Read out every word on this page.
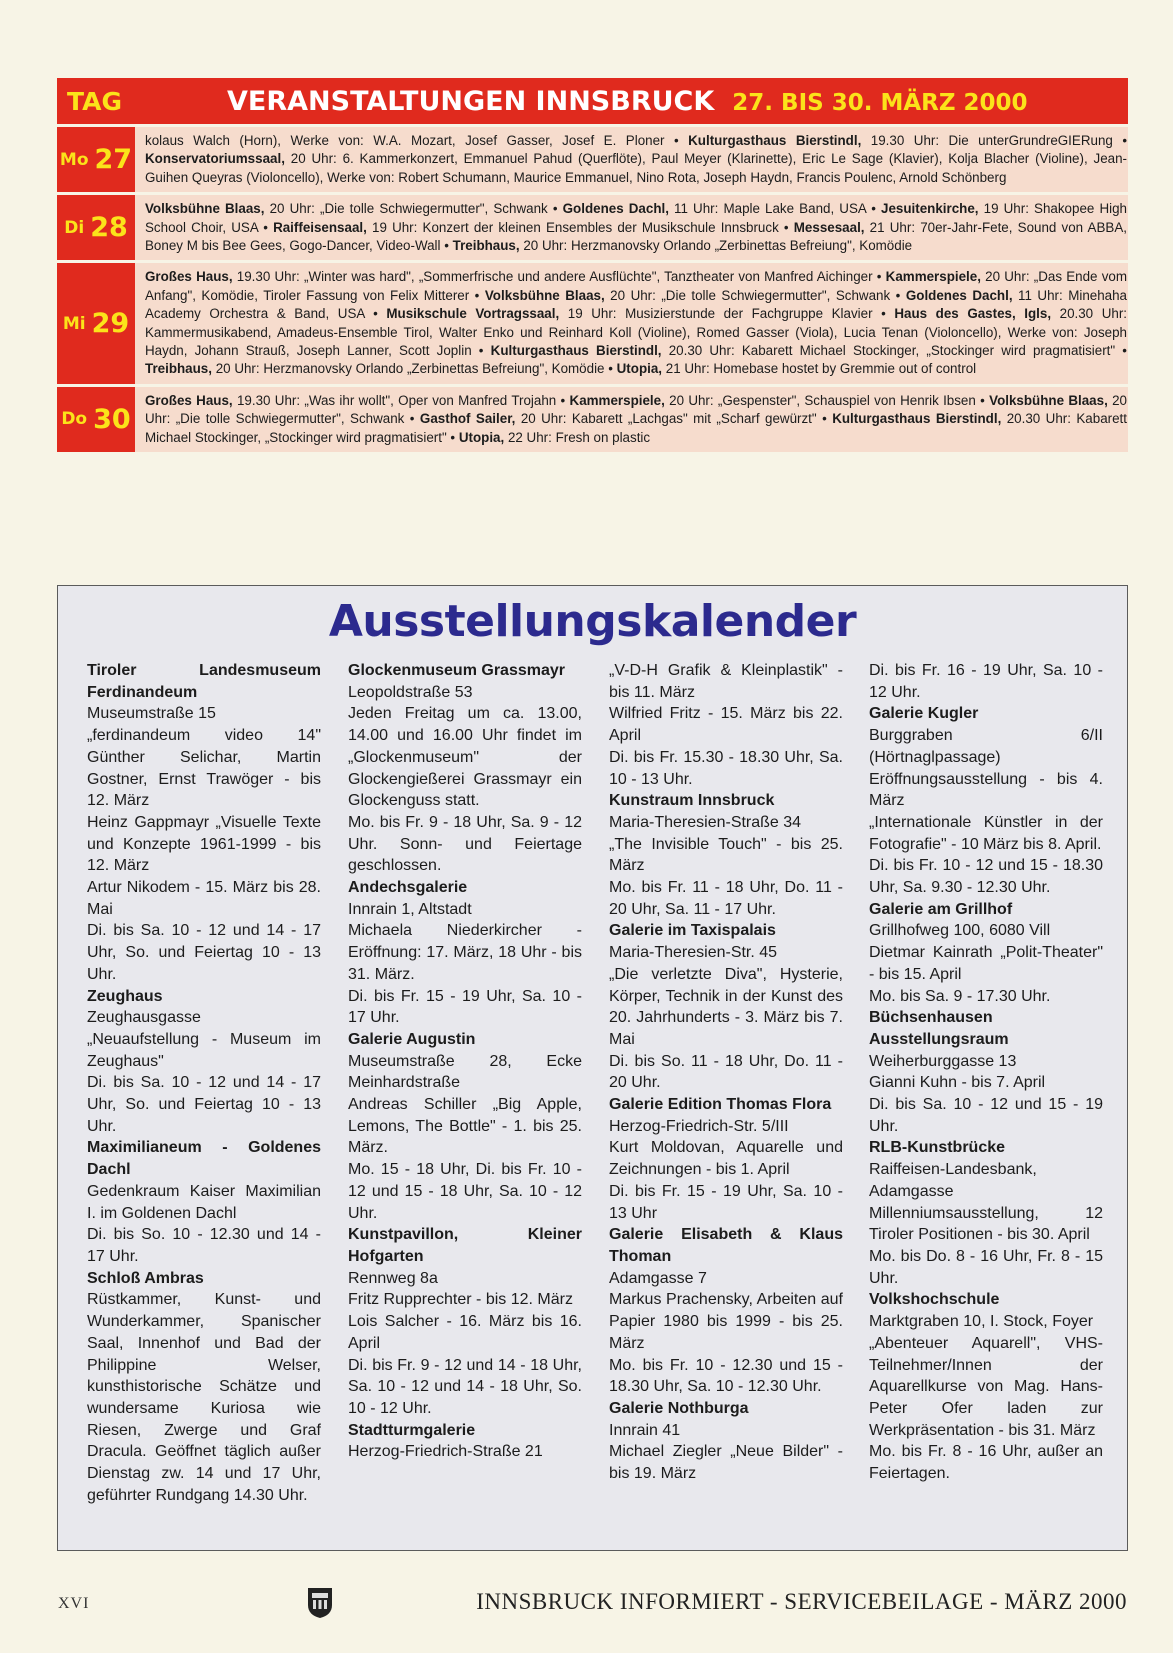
TAG	VERANSTALTUNGEN INNSBRUCK 27. BIS 30. MÄRZ 2000
Mo 27
kolaus Walch (Horn), Werke von: W.A. Mozart, Josef Gasser, Josef E. Ploner • Kulturgasthaus Bierstindl, 19.30 Uhr: Die unterGrundreGIERung • Konservatoriumssaal, 20 Uhr: 6. Kammerkonzert, Emmanuel Pahud (Querflöte), Paul Meyer (Klarinette), Eric Le Sage (Klavier), Kolja Blacher (Violine), Jean-Guihen Queyras (Violoncello), Werke von: Robert Schumann, Maurice Emmanuel, Nino Rota, Joseph Haydn, Francis Poulenc, Arnold Schönberg
Di 28
Volksbühne Blaas, 20 Uhr: „Die tolle Schwiegermutter", Schwank • Goldenes Dachl, 11 Uhr: Maple Lake Band, USA • Jesuitenkirche, 19 Uhr: Shakopee High School Choir, USA • Raiffeisensaal, 19 Uhr: Konzert der kleinen Ensembles der Musikschule Innsbruck • Messesaal, 21 Uhr: 70er-Jahr-Fete, Sound von ABBA, Boney M bis Bee Gees, Gogo-Dancer, Video-Wall • Treibhaus, 20 Uhr: Herzmanovsky Orlando „Zerbinettas Befreiung", Komödie
Mi 29
Großes Haus, 19.30 Uhr: „Winter was hard", „Sommerfrische und andere Ausflüchte", Tanztheater von Manfred Aichinger • Kammerspiele, 20 Uhr: „Das Ende vom Anfang", Komödie, Tiroler Fassung von Felix Mitterer • Volksbühne Blaas, 20 Uhr: „Die tolle Schwiegermutter", Schwank • Goldenes Dachl, 11 Uhr: Minehaha Academy Orchestra & Band, USA • Musikschule Vortragssaal, 19 Uhr: Musizierstunde der Fachgruppe Klavier • Haus des Gastes, Igls, 20.30 Uhr: Kammermusikabend, Amadeus-Ensemble Tirol, Walter Enko und Reinhard Koll (Violine), Romed Gasser (Viola), Lucia Tenan (Violoncello), Werke von: Joseph Haydn, Johann Strauß, Joseph Lanner, Scott Joplin • Kulturgasthaus Bierstindl, 20.30 Uhr: Kabarett Michael Stockinger, „Stockinger wird pragmatisiert" • Treibhaus, 20 Uhr: Herzmanovsky Orlando „Zerbinettas Befreiung", Komödie • Utopia, 21 Uhr: Homebase hostet by Gremmie out of control
Do 30
Großes Haus, 19.30 Uhr: „Was ihr wollt", Oper von Manfred Trojahn • Kammerspiele, 20 Uhr: „Gespenster", Schauspiel von Henrik Ibsen • Volksbühne Blaas, 20 Uhr: „Die tolle Schwiegermutter", Schwank • Gasthof Sailer, 20 Uhr: Kabarett „Lachgas" mit „Scharf gewürzt" • Kulturgasthaus Bierstindl, 20.30 Uhr: Kabarett Michael Stockinger, „Stockinger wird pragmatisiert" • Utopia, 22 Uhr: Fresh on plastic
Ausstellungskalender

Tiroler Landesmuseum Ferdinandeum

Museumstraße 15

„ferdinandeum video 14" Günther Selichar, Martin Gostner, Ernst Trawöger - bis 12. März

Heinz Gappmayr „Visuelle Texte und Konzepte 1961-1999 - bis 12. März

Artur Nikodem - 15. März bis 28. Mai

Di. bis Sa. 10 - 12 und 14 - 17 Uhr, So. und Feiertag 10 - 13 Uhr.

Zeughaus

Zeughausgasse

„Neuaufstellung - Museum im Zeughaus"

Di. bis Sa. 10 - 12 und 14 - 17 Uhr, So. und Feiertag 10 - 13 Uhr.

Maximilianeum - Goldenes Dachl

Gedenkraum Kaiser Maximilian I. im Goldenen Dachl

Di. bis So. 10 - 12.30 und 14 - 17 Uhr.

Schloß Ambras

Rüstkammer, Kunst- und Wunderkammer, Spanischer Saal, Innenhof und Bad der Philippine Welser, kunsthistorische Schätze und wundersame Kuriosa wie Riesen, Zwerge und Graf Dracula. Geöffnet täglich außer Dienstag zw. 14 und 17 Uhr, geführter Rundgang 14.30 Uhr.

Glockenmuseum Grassmayr

Leopoldstraße 53

Jeden Freitag um ca. 13.00, 14.00 und 16.00 Uhr findet im „Glockenmuseum" der Glockengießerei Grassmayr ein Glockenguss statt.

Mo. bis Fr. 9 - 18 Uhr, Sa. 9 - 12 Uhr. Sonn- und Feiertage geschlossen.

Andechsgalerie

Innrain 1, Altstadt

Michaela Niederkircher - Eröffnung: 17. März, 18 Uhr - bis 31. März.

Di. bis Fr. 15 - 19 Uhr, Sa. 10 - 17 Uhr.

Galerie Augustin

Museumstraße 28, Ecke Meinhardstraße

Andreas Schiller „Big Apple, Lemons, The Bottle" - 1. bis 25. März.

Mo. 15 - 18 Uhr, Di. bis Fr. 10 - 12 und 15 - 18 Uhr, Sa. 10 - 12 Uhr.

Kunstpavillon, Kleiner Hofgarten

Rennweg 8a

Fritz Rupprechter - bis 12. März

Lois Salcher - 16. März bis 16. April

Di. bis Fr. 9 - 12 und 14 - 18 Uhr, Sa. 10 - 12 und 14 - 18 Uhr, So. 10 - 12 Uhr.

Stadtturmgalerie

Herzog-Friedrich-Straße 21

„V-D-H Grafik & Kleinplastik" - bis 11. März

Wilfried Fritz - 15. März bis 22. April

Di. bis Fr. 15.30 - 18.30 Uhr, Sa. 10 - 13 Uhr.

Kunstraum Innsbruck

Maria-Theresien-Straße 34

„The Invisible Touch" - bis 25. März

Mo. bis Fr. 11 - 18 Uhr, Do. 11 - 20 Uhr, Sa. 11 - 17 Uhr.

Galerie im Taxispalais

Maria-Theresien-Str. 45

„Die verletzte Diva", Hysterie, Körper, Technik in der Kunst des 20. Jahrhunderts - 3. März bis 7. Mai

Di. bis So. 11 - 18 Uhr, Do. 11 - 20 Uhr.

Galerie Edition Thomas Flora

Herzog-Friedrich-Str. 5/III

Kurt Moldovan, Aquarelle und Zeichnungen - bis 1. April

Di. bis Fr. 15 - 19 Uhr, Sa. 10 - 13 Uhr

Galerie Elisabeth & Klaus Thoman

Adamgasse 7

Markus Prachensky, Arbeiten auf Papier 1980 bis 1999 - bis 25. März

Mo. bis Fr. 10 - 12.30 und 15 - 18.30 Uhr, Sa. 10 - 12.30 Uhr.

Galerie Nothburga

Innrain 41

Michael Ziegler „Neue Bilder" - bis 19. März

Di. bis Fr. 16 - 19 Uhr, Sa. 10 - 12 Uhr.

Galerie Kugler

Burggraben 6/II (Hörtnaglpassage)

Eröffnungsausstellung - bis 4. März

„Internationale Künstler in der Fotografie" - 10 März bis 8. April.

Di. bis Fr. 10 - 12 und 15 - 18.30 Uhr, Sa. 9.30 - 12.30 Uhr.

Galerie am Grillhof

Grillhofweg 100, 6080 Vill

Dietmar Kainrath „Polit-Theater" - bis 15. April

Mo. bis Sa. 9 - 17.30 Uhr.

Büchsenhausen Ausstellungsraum

Weiherburggasse 13

Gianni Kuhn - bis 7. April

Di. bis Sa. 10 - 12 und 15 - 19 Uhr.

RLB-Kunstbrücke

Raiffeisen-Landesbank, Adamgasse

Millenniumsausstellung, 12 Tiroler Positionen - bis 30. April

Mo. bis Do. 8 - 16 Uhr, Fr. 8 - 15 Uhr.

Volkshochschule

Marktgraben 10, I. Stock, Foyer

„Abenteuer Aquarell", VHS-Teilnehmer/Innen der Aquarellkurse von Mag. Hans-Peter Ofer laden zur Werkpräsentation - bis 31. März

Mo. bis Fr. 8 - 16 Uhr, außer an Feiertagen.

XVI	INNSBRUCK INFORMIERT - SERVICEBEILAGE - MÄRZ 2000
